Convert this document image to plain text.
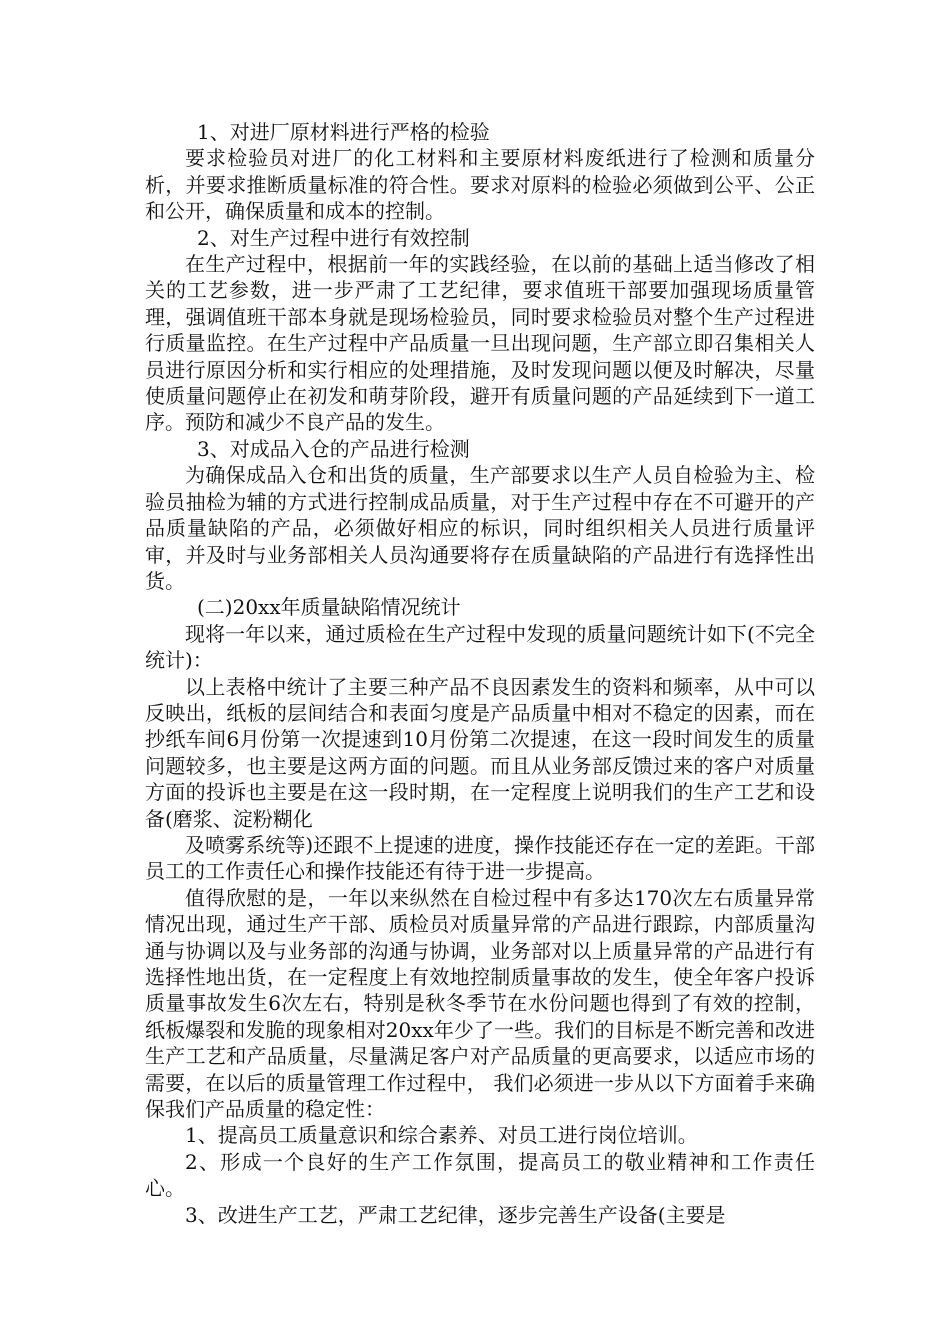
1、对进厂原材料进行严格的检验

要求检验员对进厂的化工材料和主要原材料废纸进行了检测和质量分析，并要求推断质量标准的符合性。要求对原料的检验必须做到公平、公正和公开，确保质量和成本的控制。

2、对生产过程中进行有效控制

在生产过程中，根据前一年的实践经验，在以前的基础上适当修改了相关的工艺参数，进一步严肃了工艺纪律，要求值班干部要加强现场质量管理，强调值班干部本身就是现场检验员，同时要求检验员对整个生产过程进行质量监控。在生产过程中产品质量一旦出现问题，生产部立即召集相关人员进行原因分析和实行相应的处理措施，及时发现问题以便及时解决，尽量使质量问题停止在初发和萌芽阶段，避开有质量问题的产品延续到下一道工序。预防和减少不良产品的发生。

3、对成品入仓的产品进行检测

为确保成品入仓和出货的质量，生产部要求以生产人员自检验为主、检验员抽检为辅的方式进行控制成品质量，对于生产过程中存在不可避开的产品质量缺陷的产品，必须做好相应的标识，同时组织相关人员进行质量评审，并及时与业务部相关人员沟通要将存在质量缺陷的产品进行有选择性出货。

(二)20xx年质量缺陷情况统计

现将一年以来，通过质检在生产过程中发现的质量问题统计如下(不完全统计)：

以上表格中统计了主要三种产品不良因素发生的资料和频率，从中可以反映出，纸板的层间结合和表面匀度是产品质量中相对不稳定的因素，而在抄纸车间6月份第一次提速到10月份第二次提速，在这一段时间发生的质量问题较多，也主要是这两方面的问题。而且从业务部反馈过来的客户对质量方面的投诉也主要是在这一段时期，在一定程度上说明我们的生产工艺和设备(磨浆、淀粉糊化

及喷雾系统等)还跟不上提速的进度，操作技能还存在一定的差距。干部员工的工作责任心和操作技能还有待于进一步提高。

值得欣慰的是，一年以来纵然在自检过程中有多达170次左右质量异常情况出现，通过生产干部、质检员对质量异常的产品进行跟踪，内部质量沟通与协调以及与业务部的沟通与协调，业务部对以上质量异常的产品进行有选择性地出货，在一定程度上有效地控制质量事故的发生，使全年客户投诉质量事故发生6次左右，特别是秋冬季节在水份问题也得到了有效的控制，纸板爆裂和发脆的现象相对20xx年少了一些。我们的目标是不断完善和改进生产工艺和产品质量，尽量满足客户对产品质量的更高要求，以适应市场的需要，在以后的质量管理工作过程中， 我们必须进一步从以下方面着手来确保我们产品质量的稳定性：

1、提高员工质量意识和综合素养、对员工进行岗位培训。

2、形成一个良好的生产工作氛围，提高员工的敬业精神和工作责任心。

3、改进生产工艺，严肃工艺纪律，逐步完善生产设备(主要是
